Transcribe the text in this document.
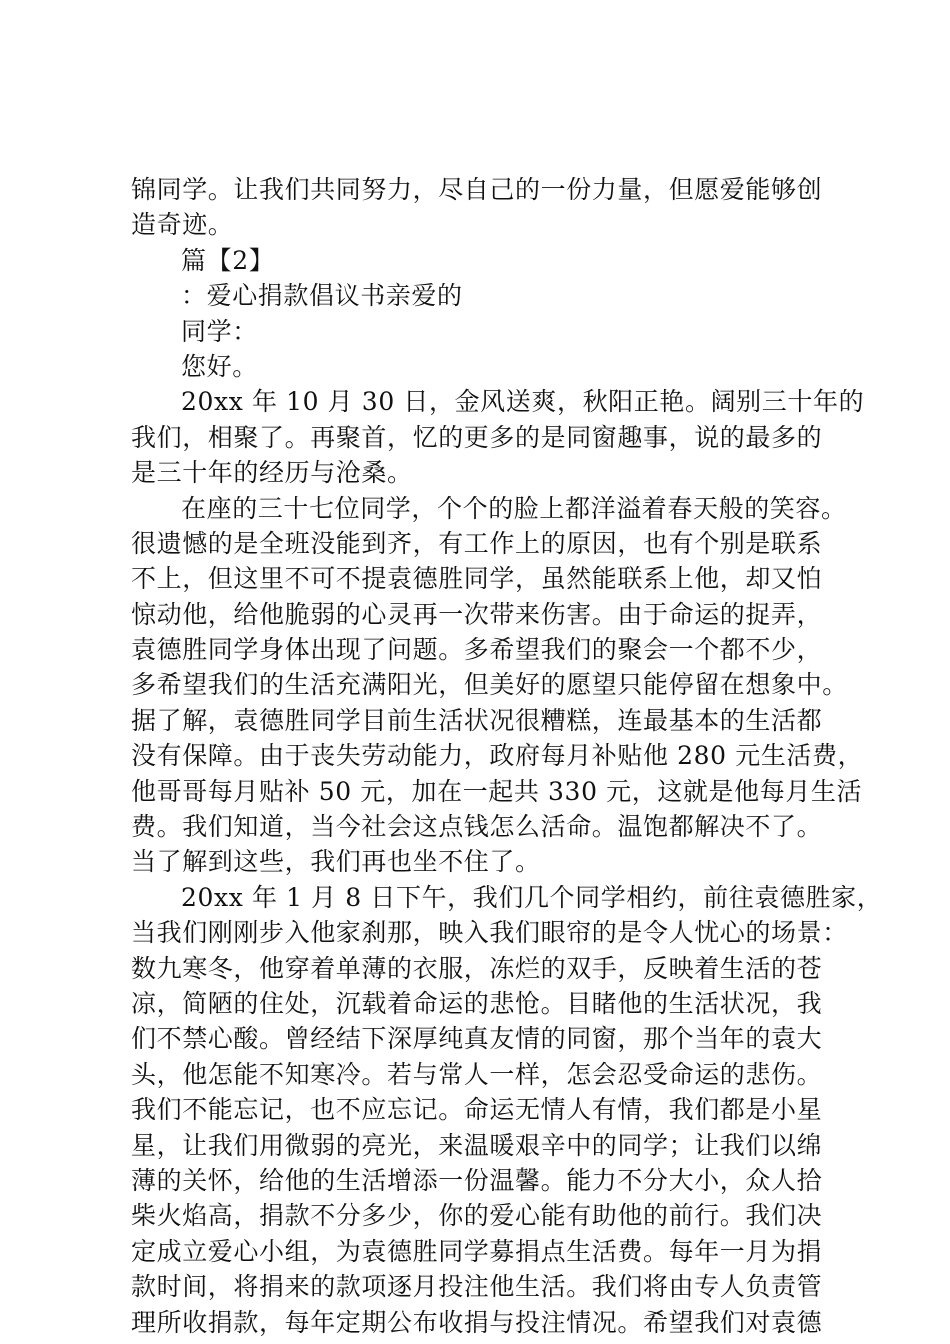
锦同学。让我们共同努力，尽自己的一份力量，但愿爱能够创
造奇迹。
篇【2】
：爱心捐款倡议书亲爱的
同学：
您好。
20xx 年 10 月 30 日，金风送爽，秋阳正艳。阔别三十年的
我们，相聚了。再聚首，忆的更多的是同窗趣事，说的最多的
是三十年的经历与沧桑。
在座的三十七位同学，个个的脸上都洋溢着春天般的笑容。
很遗憾的是全班没能到齐，有工作上的原因，也有个别是联系
不上，但这里不可不提袁德胜同学，虽然能联系上他，却又怕
惊动他，给他脆弱的心灵再一次带来伤害。由于命运的捉弄，
袁德胜同学身体出现了问题。多希望我们的聚会一个都不少，
多希望我们的生活充满阳光，但美好的愿望只能停留在想象中。
据了解，袁德胜同学目前生活状况很糟糕，连最基本的生活都
没有保障。由于丧失劳动能力，政府每月补贴他 280 元生活费，
他哥哥每月贴补 50 元，加在一起共 330 元，这就是他每月生活
费。我们知道，当今社会这点钱怎么活命。温饱都解决不了。
当了解到这些，我们再也坐不住了。
20xx 年 1 月 8 日下午，我们几个同学相约，前往袁德胜家，
当我们刚刚步入他家刹那，映入我们眼帘的是令人忧心的场景：
数九寒冬，他穿着单薄的衣服，冻烂的双手，反映着生活的苍
凉，简陋的住处，沉载着命运的悲怆。目睹他的生活状况，我
们不禁心酸。曾经结下深厚纯真友情的同窗，那个当年的袁大
头，他怎能不知寒冷。若与常人一样，怎会忍受命运的悲伤。
我们不能忘记，也不应忘记。命运无情人有情，我们都是小星
星，让我们用微弱的亮光，来温暖艰辛中的同学；让我们以绵
薄的关怀，给他的生活增添一份温馨。能力不分大小，众人拾
柴火焰高，捐款不分多少，你的爱心能有助他的前行。我们决
定成立爱心小组，为袁德胜同学募捐点生活费。每年一月为捐
款时间，将捐来的款项逐月投注他生活。我们将由专人负责管
理所收捐款，每年定期公布收捐与投注情况。希望我们对袁德
